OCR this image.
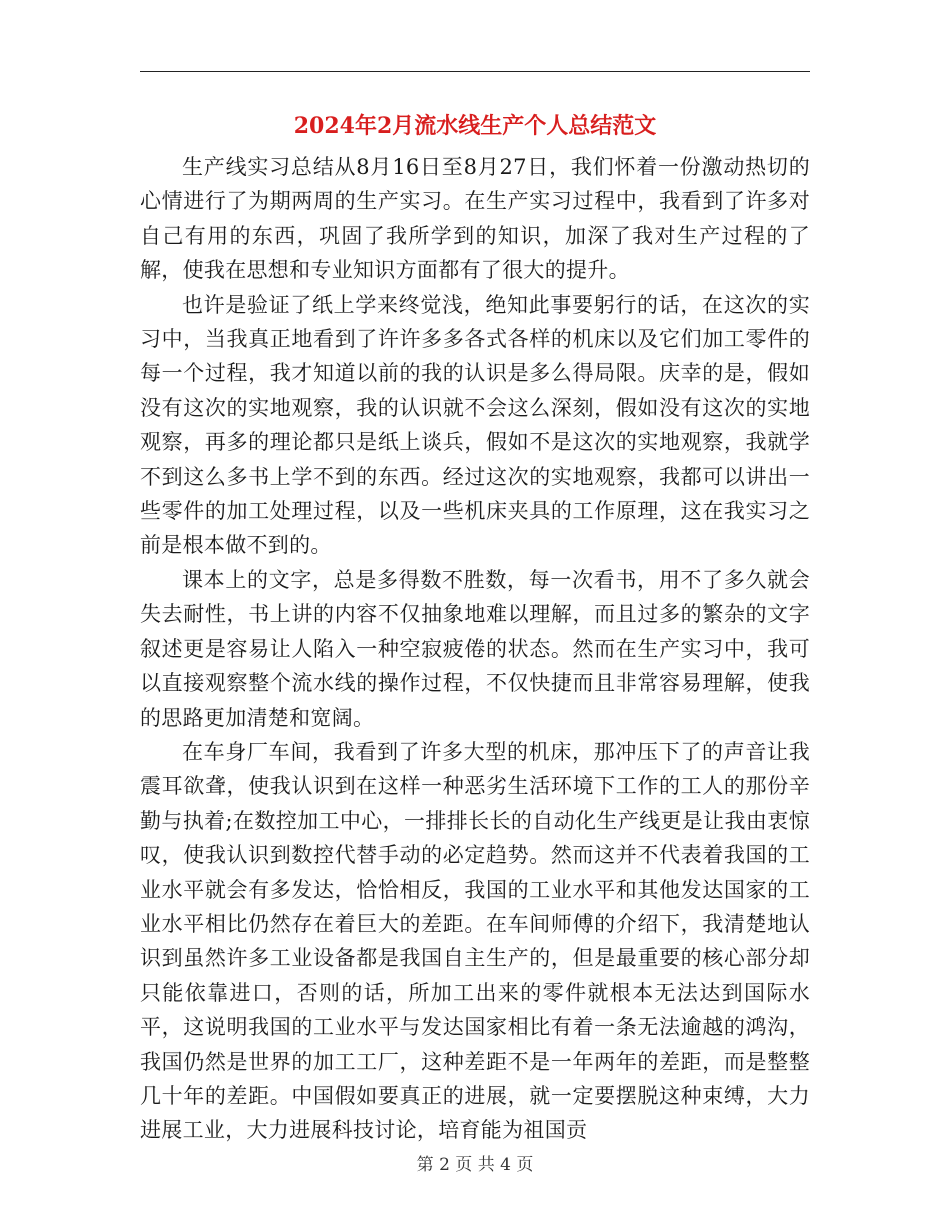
2024年2月流水线生产个人总结范文

生产线实习总结从8月16日至8月27日，我们怀着一份激动热切的心情进行了为期两周的生产实习。在生产实习过程中，我看到了许多对自己有用的东西，巩固了我所学到的知识，加深了我对生产过程的了解，使我在思想和专业知识方面都有了很大的提升。

也许是验证了纸上学来终觉浅，绝知此事要躬行的话，在这次的实习中，当我真正地看到了许许多多各式各样的机床以及它们加工零件的每一个过程，我才知道以前的我的认识是多么得局限。庆幸的是，假如没有这次的实地观察，我的认识就不会这么深刻，假如没有这次的实地观察，再多的理论都只是纸上谈兵，假如不是这次的实地观察，我就学不到这么多书上学不到的东西。经过这次的实地观察，我都可以讲出一些零件的加工处理过程，以及一些机床夹具的工作原理，这在我实习之前是根本做不到的。

课本上的文字，总是多得数不胜数，每一次看书，用不了多久就会失去耐性，书上讲的内容不仅抽象地难以理解，而且过多的繁杂的文字叙述更是容易让人陷入一种空寂疲倦的状态。然而在生产实习中，我可以直接观察整个流水线的操作过程，不仅快捷而且非常容易理解，使我的思路更加清楚和宽阔。

在车身厂车间，我看到了许多大型的机床，那冲压下了的声音让我震耳欲聋，使我认识到在这样一种恶劣生活环境下工作的工人的那份辛勤与执着;在数控加工中心，一排排长长的自动化生产线更是让我由衷惊叹，使我认识到数控代替手动的必定趋势。然而这并不代表着我国的工业水平就会有多发达，恰恰相反，我国的工业水平和其他发达国家的工业水平相比仍然存在着巨大的差距。在车间师傅的介绍下，我清楚地认识到虽然许多工业设备都是我国自主生产的，但是最重要的核心部分却只能依靠进口，否则的话，所加工出来的零件就根本无法达到国际水平，这说明我国的工业水平与发达国家相比有着一条无法逾越的鸿沟，我国仍然是世界的加工工厂，这种差距不是一年两年的差距，而是整整几十年的差距。中国假如要真正的进展，就一定要摆脱这种束缚，大力进展工业，大力进展科技讨论，培育能为祖国贡

第 2 页 共 4 页
